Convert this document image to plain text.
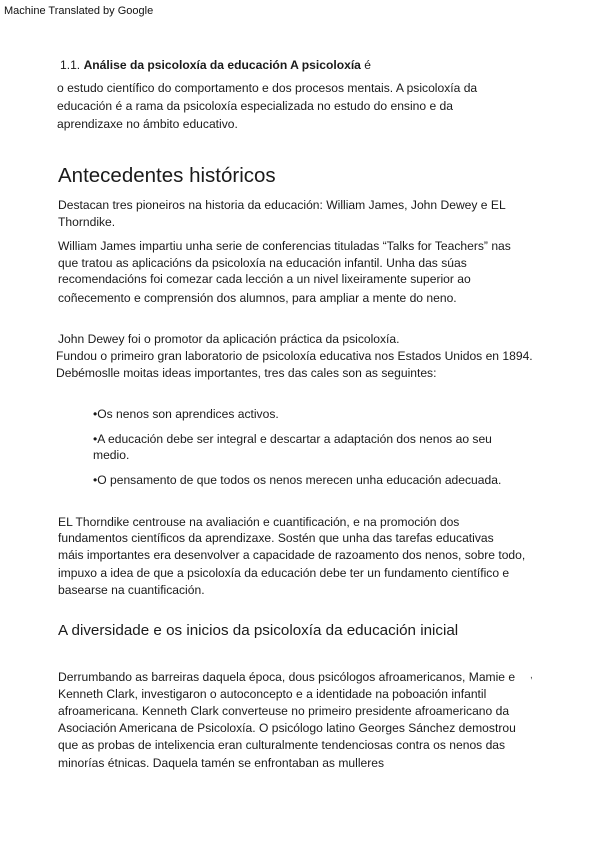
Machine Translated by Google
1.1. Análise da psicoloxía da educación A psicoloxía é
o estudo científico do comportamento e dos procesos mentais. A psicoloxía da
educación é a rama da psicoloxía especializada no estudo do ensino e da
aprendizaxe no ámbito educativo.
Antecedentes históricos
Destacan tres pioneiros na historia da educación: William James, John Dewey e EL
Thorndike.
William James impartiu unha serie de conferencias tituladas “Talks for Teachers” nas
que tratou as aplicacións da psicoloxía na educación infantil. Unha das súas
recomendacións foi comezar cada lección a un nivel lixeiramente superior ao
coñecemento e comprensión dos alumnos, para ampliar a mente do neno.
John Dewey foi o promotor da aplicación práctica da psicoloxía.
Fundou o primeiro gran laboratorio de psicoloxía educativa nos Estados Unidos en 1894.
Debémoslle moitas ideas importantes, tres das cales son as seguintes:
•Os nenos son aprendices activos.
•A educación debe ser integral e descartar a adaptación dos nenos ao seu
medio.
•O pensamento de que todos os nenos merecen unha educación adecuada.
EL Thorndike centrouse na avaliación e cuantificación, e na promoción dos
fundamentos científicos da aprendizaxe. Sostén que unha das tarefas educativas
máis importantes era desenvolver a capacidade de razoamento dos nenos, sobre todo,
impuxo a idea de que a psicoloxía da educación debe ter un fundamento científico e
basearse na cuantificación.
A diversidade e os inicios da psicoloxía da educación inicial
Derrumbando as barreiras daquela época, dous psicólogos afroamericanos, Mamie e ,
Kenneth Clark, investigaron o autoconcepto e a identidade na poboación infantil
afroamericana. Kenneth Clark converteuse no primeiro presidente afroamericano da
Asociación Americana de Psicoloxía. O psicólogo latino Georges Sánchez demostrou
que as probas de intelixencia eran culturalmente tendenciosas contra os nenos das
minorías étnicas. Daquela tamén se enfrontaban as mulleres
